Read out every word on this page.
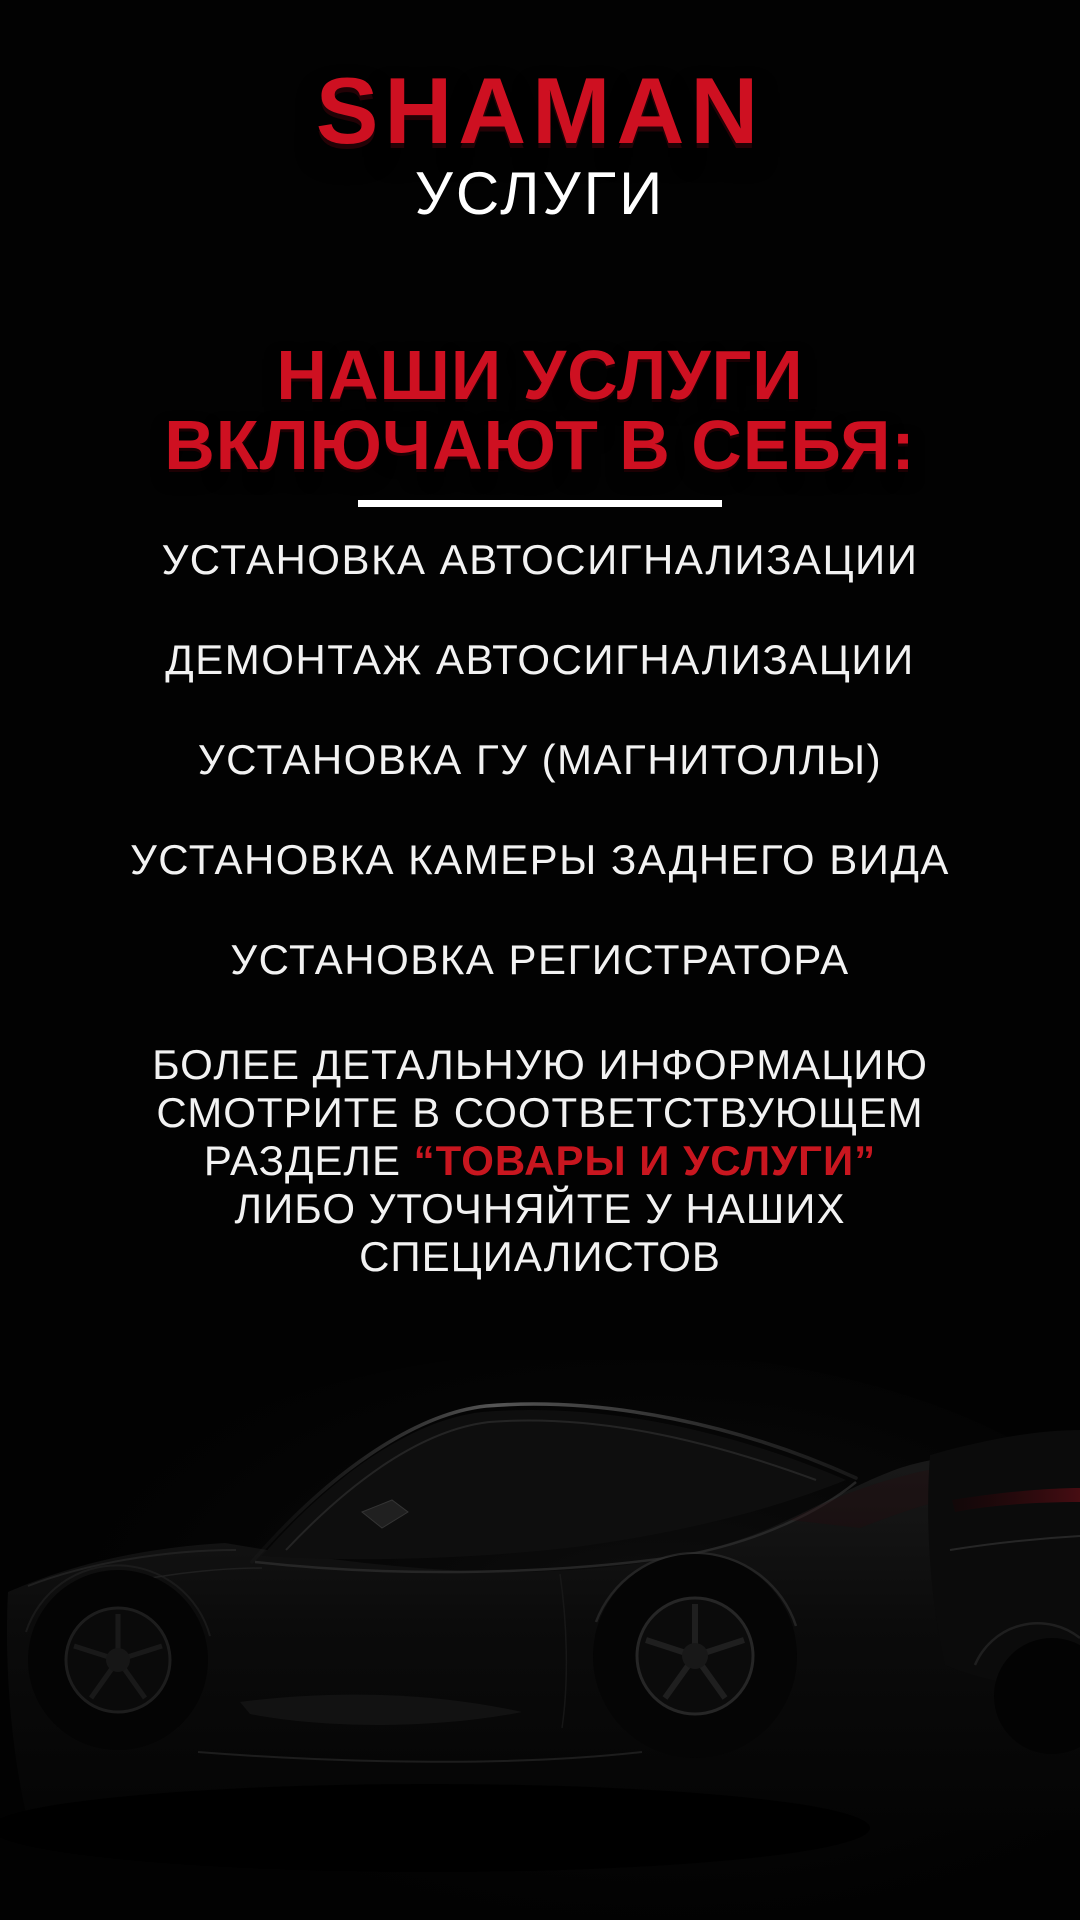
SHAMAN
УСЛУГИ
НАШИ УСЛУГИ
ВКЛЮЧАЮТ В СЕБЯ:
УСТАНОВКА АВТОСИГНАЛИЗАЦИИ
ДЕМОНТАЖ АВТОСИГНАЛИЗАЦИИ
УСТАНОВКА ГУ (МАГНИТОЛЛЫ)
УСТАНОВКА КАМЕРЫ ЗАДНЕГО ВИДА
УСТАНОВКА РЕГИСТРАТОРА

БОЛЕЕ ДЕТАЛЬНУЮ ИНФОРМАЦИЮ
СМОТРИТЕ В СООТВЕТСТВУЮЩЕМ
РАЗДЕЛЕ “ТОВАРЫ И УСЛУГИ”
ЛИБО УТОЧНЯЙТЕ У НАШИХ
СПЕЦИАЛИСТОВ
